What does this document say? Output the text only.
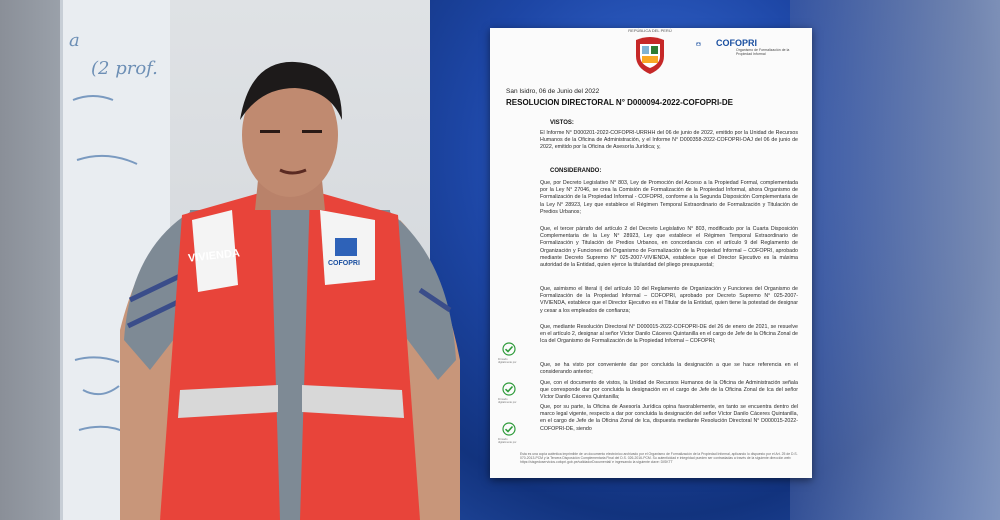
a
(2 prof.
VIVIENDA	COFOPRI
REPÚBLICA DEL PERÚ
COFOPRI
Organismo de Formalización de la Propiedad Informal
San Isidro, 06 de Junio del 2022
RESOLUCION DIRECTORAL N° D000094-2022-COFOPRI-DE
VISTOS:
El Informe N° D000201-2022-COFOPRI-URRHH del 06 de junio de 2022, emitido por la Unidad de Recursos Humanos de la Oficina de Administración, y el Informe N° D000358-2022-COFOPRI-OAJ del 06 de junio de 2022, emitido por la Oficina de Asesoría Jurídica; y,
CONSIDERANDO:
Que, por Decreto Legislativo N° 803, Ley de Promoción del Acceso a la Propiedad Formal, complementada por la Ley N° 27046, se crea la Comisión de Formalización de la Propiedad Informal, ahora Organismo de Formalización de la Propiedad Informal - COFOPRI, conforme a la Segunda Disposición Complementaria de la Ley N° 28923, Ley que establece el Régimen Temporal Extraordinario de Formalización y Titulación de Predios Urbanos;
Que, el tercer párrafo del artículo 2 del Decreto Legislativo N° 803, modificado por la Cuarta Disposición Complementaria de la Ley N° 28923, Ley que establece el Régimen Temporal Extraordinario de Formalización y Titulación de Predios Urbanos, en concordancia con el artículo 9 del Reglamento de Organización y Funciones del Organismo de Formalización de la Propiedad Informal – COFOPRI, aprobado mediante Decreto Supremo N° 025-2007-VIVIENDA, establece que el Director Ejecutivo es la máxima autoridad de la Entidad, quien ejerce la titularidad del pliego presupuestal;
Que, asimismo el literal i) del artículo 10 del Reglamento de Organización y Funciones del Organismo de Formalización de la Propiedad Informal – COFOPRI, aprobado por Decreto Supremo N° 025-2007-VIVIENDA, establece que el Director Ejecutivo es el Titular de la Entidad, quien tiene la potestad de designar y cesar a los empleados de confianza;
Que, mediante Resolución Directoral N° D000015-2022-COFOPRI-DE del 26 de enero de 2021, se resuelve en el artículo 2, designar al señor Víctor Danilo Cáceres Quintanilla en el cargo de Jefe de la Oficina Zonal de Ica del Organismo de Formalización de la Propiedad Informal – COFOPRI;
Que, se ha visto por conveniente dar por concluida la designación a que se hace referencia en el considerando anterior;
Que, con el documento de vistos, la Unidad de Recursos Humanos de la Oficina de Administración señala que corresponde dar por concluida la designación en el cargo de Jefe de la Oficina Zonal de Ica del señor Víctor Danilo Cáceres Quintanilla;
Que, por su parte, la Oficina de Asesoría Jurídica opina favorablemente, en tanto se encuentra dentro del marco legal vigente, respecto a dar por concluida la designación del señor Víctor Danilo Cáceres Quintanilla, en el cargo de Jefe de la Oficina Zonal de Ica, dispuesta mediante Resolución Directoral N° D000015-2022-COFOPRI-DE, siendo
Firmado digitalmente por
Firmado digitalmente por
Firmado digitalmente por
Esta es una copia auténtica imprimible de un documento electrónico archivado por el Organismo de Formalización de la Propiedad Informal, aplicando lo dispuesto por el Art. 25 de D.S. 070-2013-PCM y la Tercera Disposición Complementaria Final del D.S. 026-2016-PCM. Su autenticidad e integridad pueden ser contrastadas a través de la siguiente dirección web: https://sisgedoservicios.cofopri.gob.pe/validadorDocumental/ e ingresando la siguiente clave: DISKTT
